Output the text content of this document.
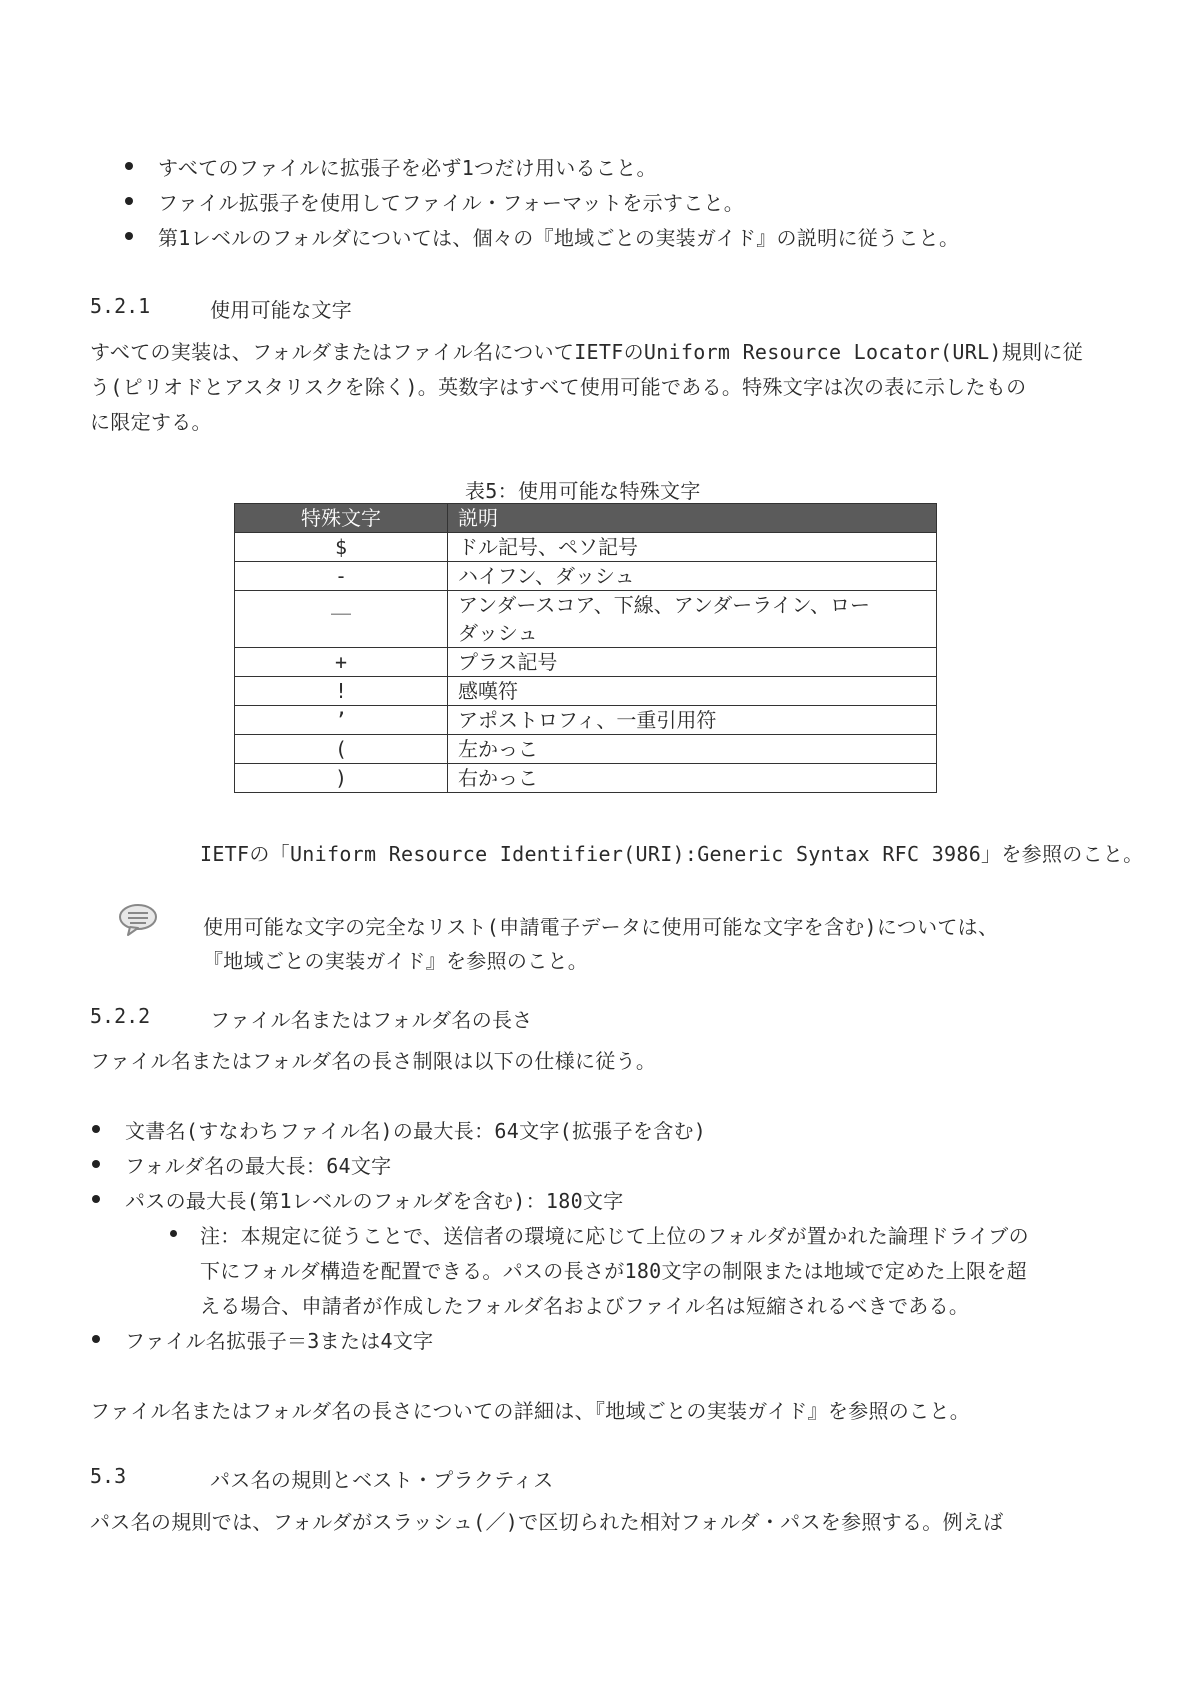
すべてのファイルに拡張子を必ず1つだけ用いること。
ファイル拡張子を使用してファイル・フォーマットを示すこと。
第1レベルのフォルダについては、個々の『地域ごとの実装ガイド』の説明に従うこと。
5.2.1	使用可能な文字
すべての実装は、フォルダまたはファイル名についてIETFのUniform Resource Locator(URL)規則に従
う(ピリオドとアスタリスクを除く)。英数字はすべて使用可能である。特殊文字は次の表に示したもの
に限定する。
表5：使用可能な特殊文字
特殊文字	説明
$	ドル記号、ペソ記号
-	ハイフン、ダッシュ
＿	アンダースコア、下線、アンダーライン、ロー
ダッシュ

+	プラス記号
!	感嘆符
’	アポストロフィ、一重引用符
(	左かっこ
)	右かっこ
IETFの「Uniform Resource Identifier(URI):Generic Syntax RFC 3986」を参照のこと。
使用可能な文字の完全なリスト(申請電子データに使用可能な文字を含む)については、
『地域ごとの実装ガイド』を参照のこと。
5.2.2	ファイル名またはフォルダ名の長さ
ファイル名またはフォルダ名の長さ制限は以下の仕様に従う。
文書名(すなわちファイル名)の最大長：64文字(拡張子を含む)
フォルダ名の最大長：64文字
パスの最大長(第1レベルのフォルダを含む)：180文字
注：本規定に従うことで、送信者の環境に応じて上位のフォルダが置かれた論理ドライブの
下にフォルダ構造を配置できる。パスの長さが180文字の制限または地域で定めた上限を超
える場合、申請者が作成したフォルダ名およびファイル名は短縮されるべきである。
ファイル名拡張子＝3または4文字
ファイル名またはフォルダ名の長さについての詳細は、『地域ごとの実装ガイド』を参照のこと。
5.3	パス名の規則とベスト・プラクティス
パス名の規則では、フォルダがスラッシュ(／)で区切られた相対フォルダ・パスを参照する。例えば
